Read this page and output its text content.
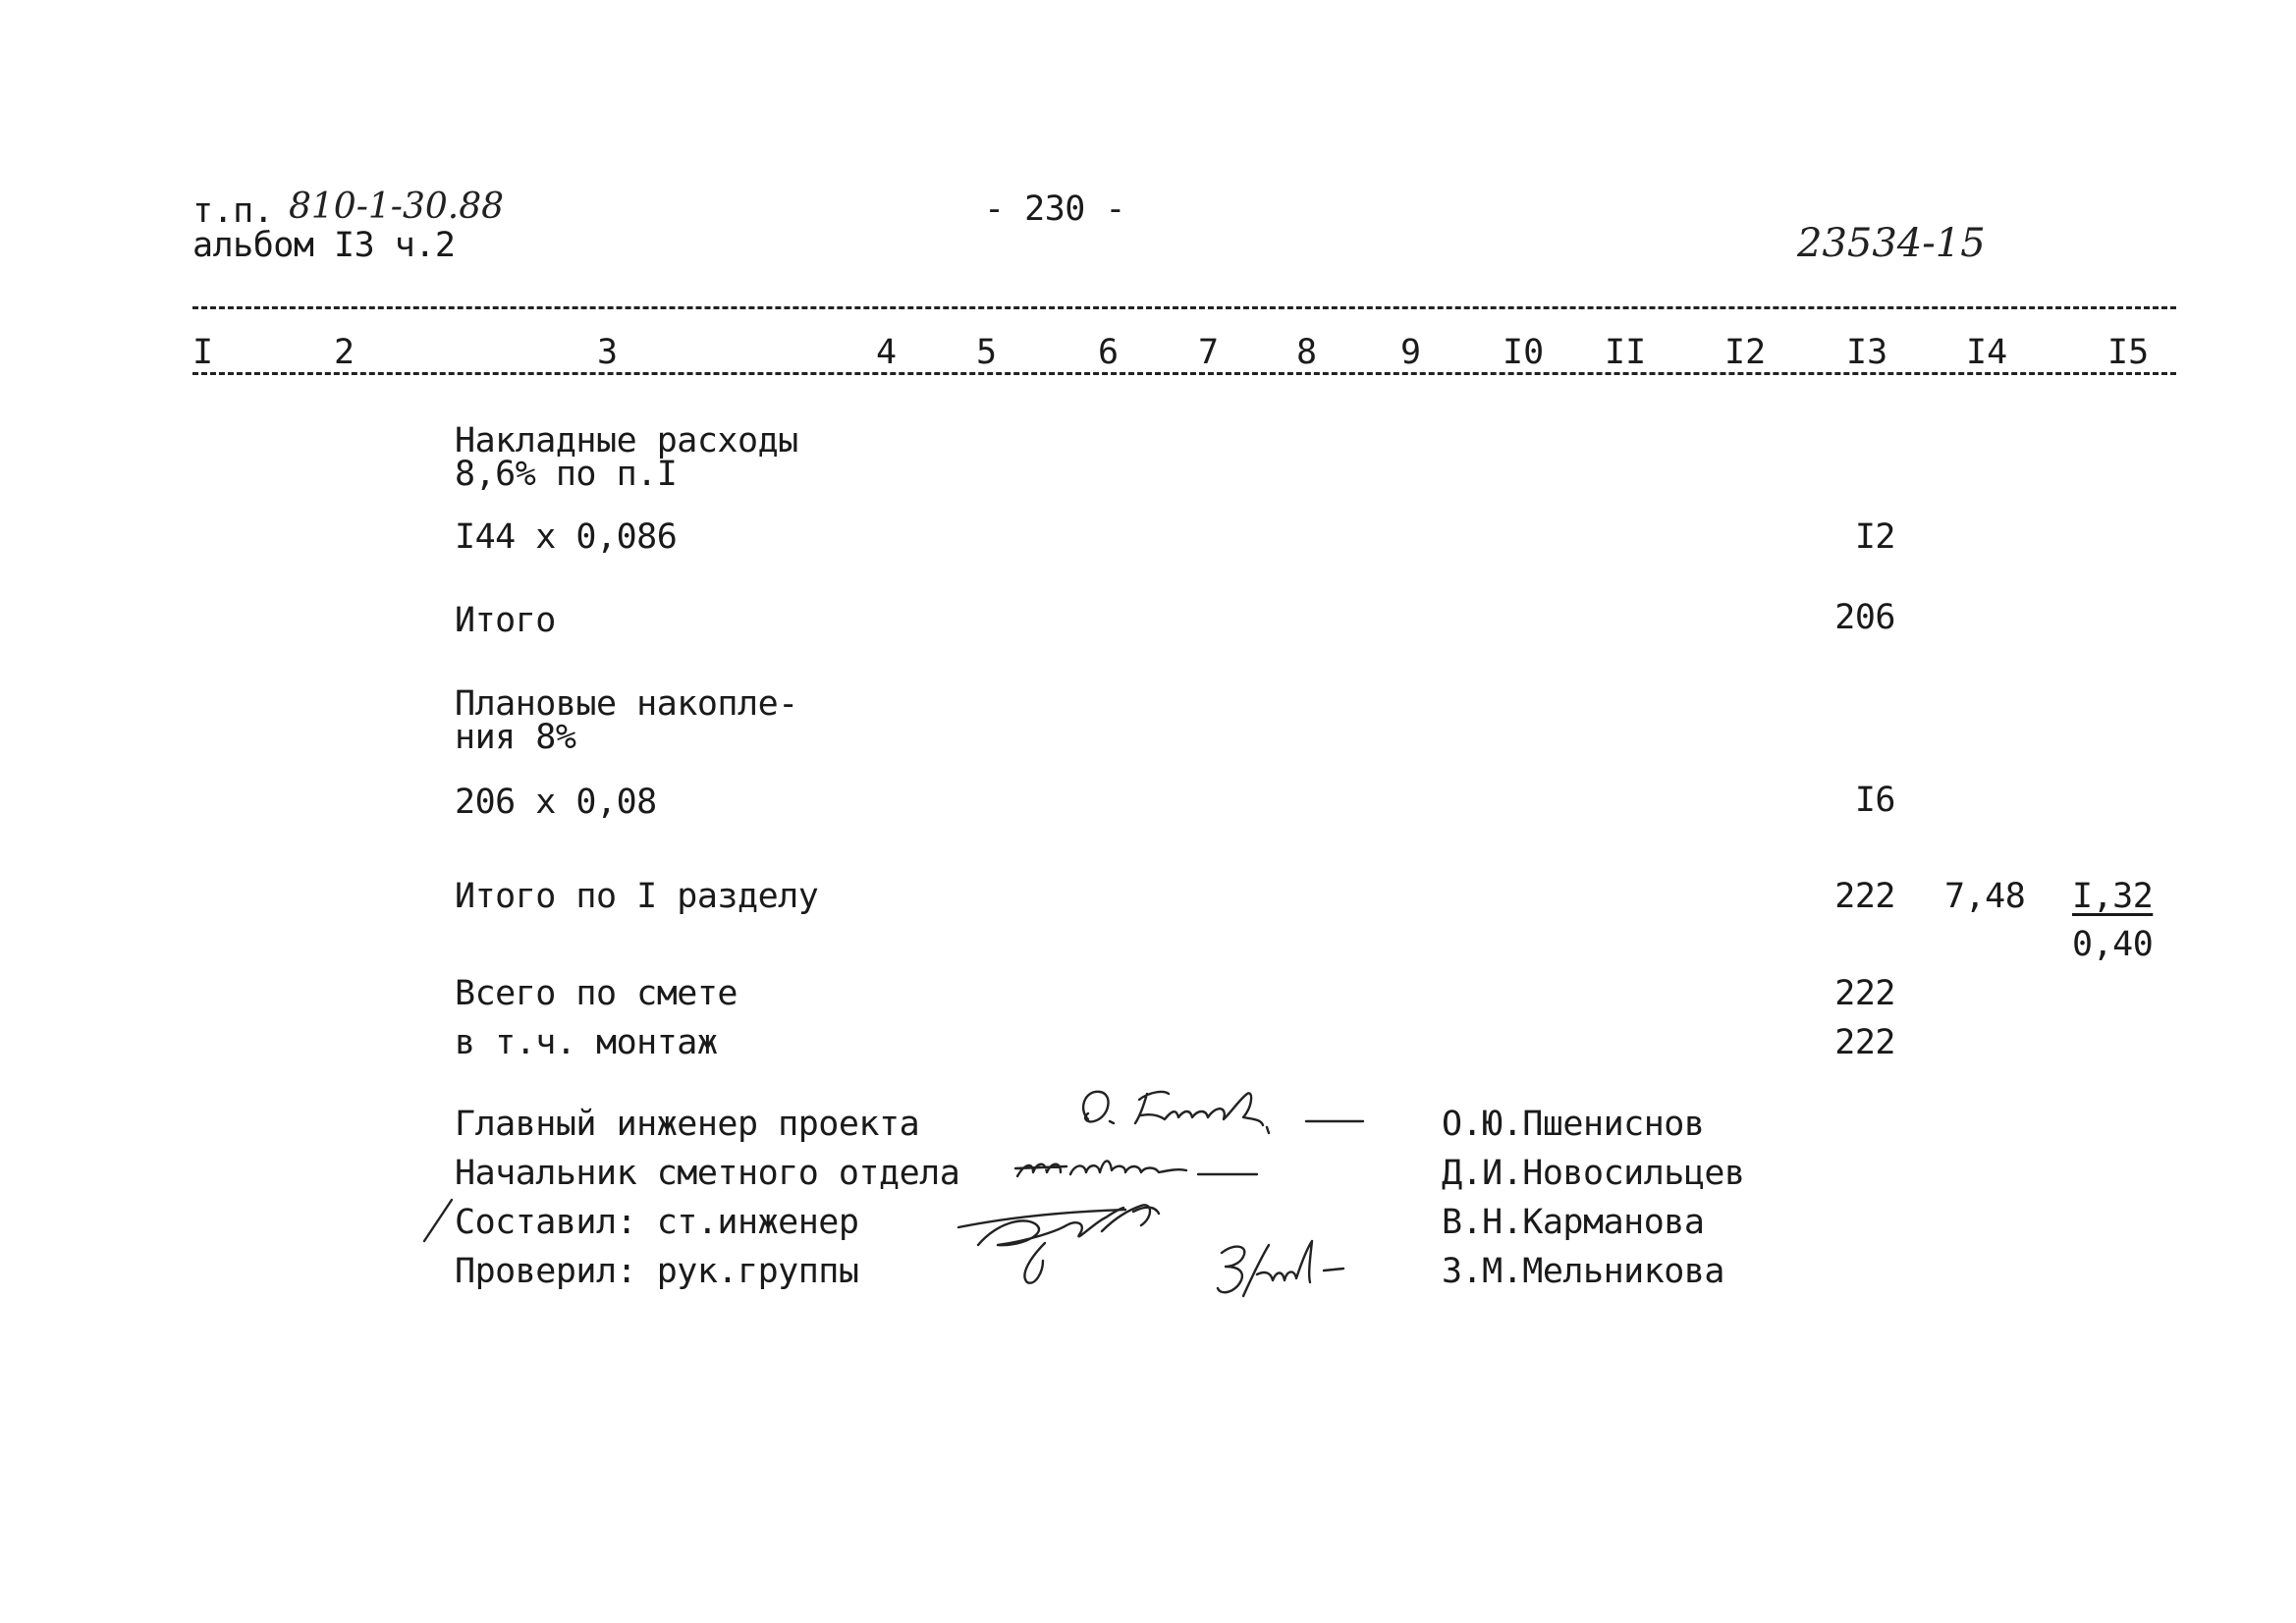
т.п. 810-1-30.88
альбом I3 ч.2
- 230 -
23534-15
I	2	3	4 5	6 7 8 9 I0 II I2 I3 I4	I5
Накладные расходы
8,6% по п.I
I44 x 0,086	I2
Итого	206
Плановые накопле-
ния 8%
206 x 0,08	I6
Итого по I разделу	222 7,48 I,32
0,40
Всего по смете	222
в т.ч. монтаж	222
Главный инженер проекта	О.Ю.Пшениснов
Начальник сметного отдела	Д.И.Новосильцев
Составил: ст.инженер	В.Н.Карманова
Проверил: рук.группы	З.М.Мельникова
